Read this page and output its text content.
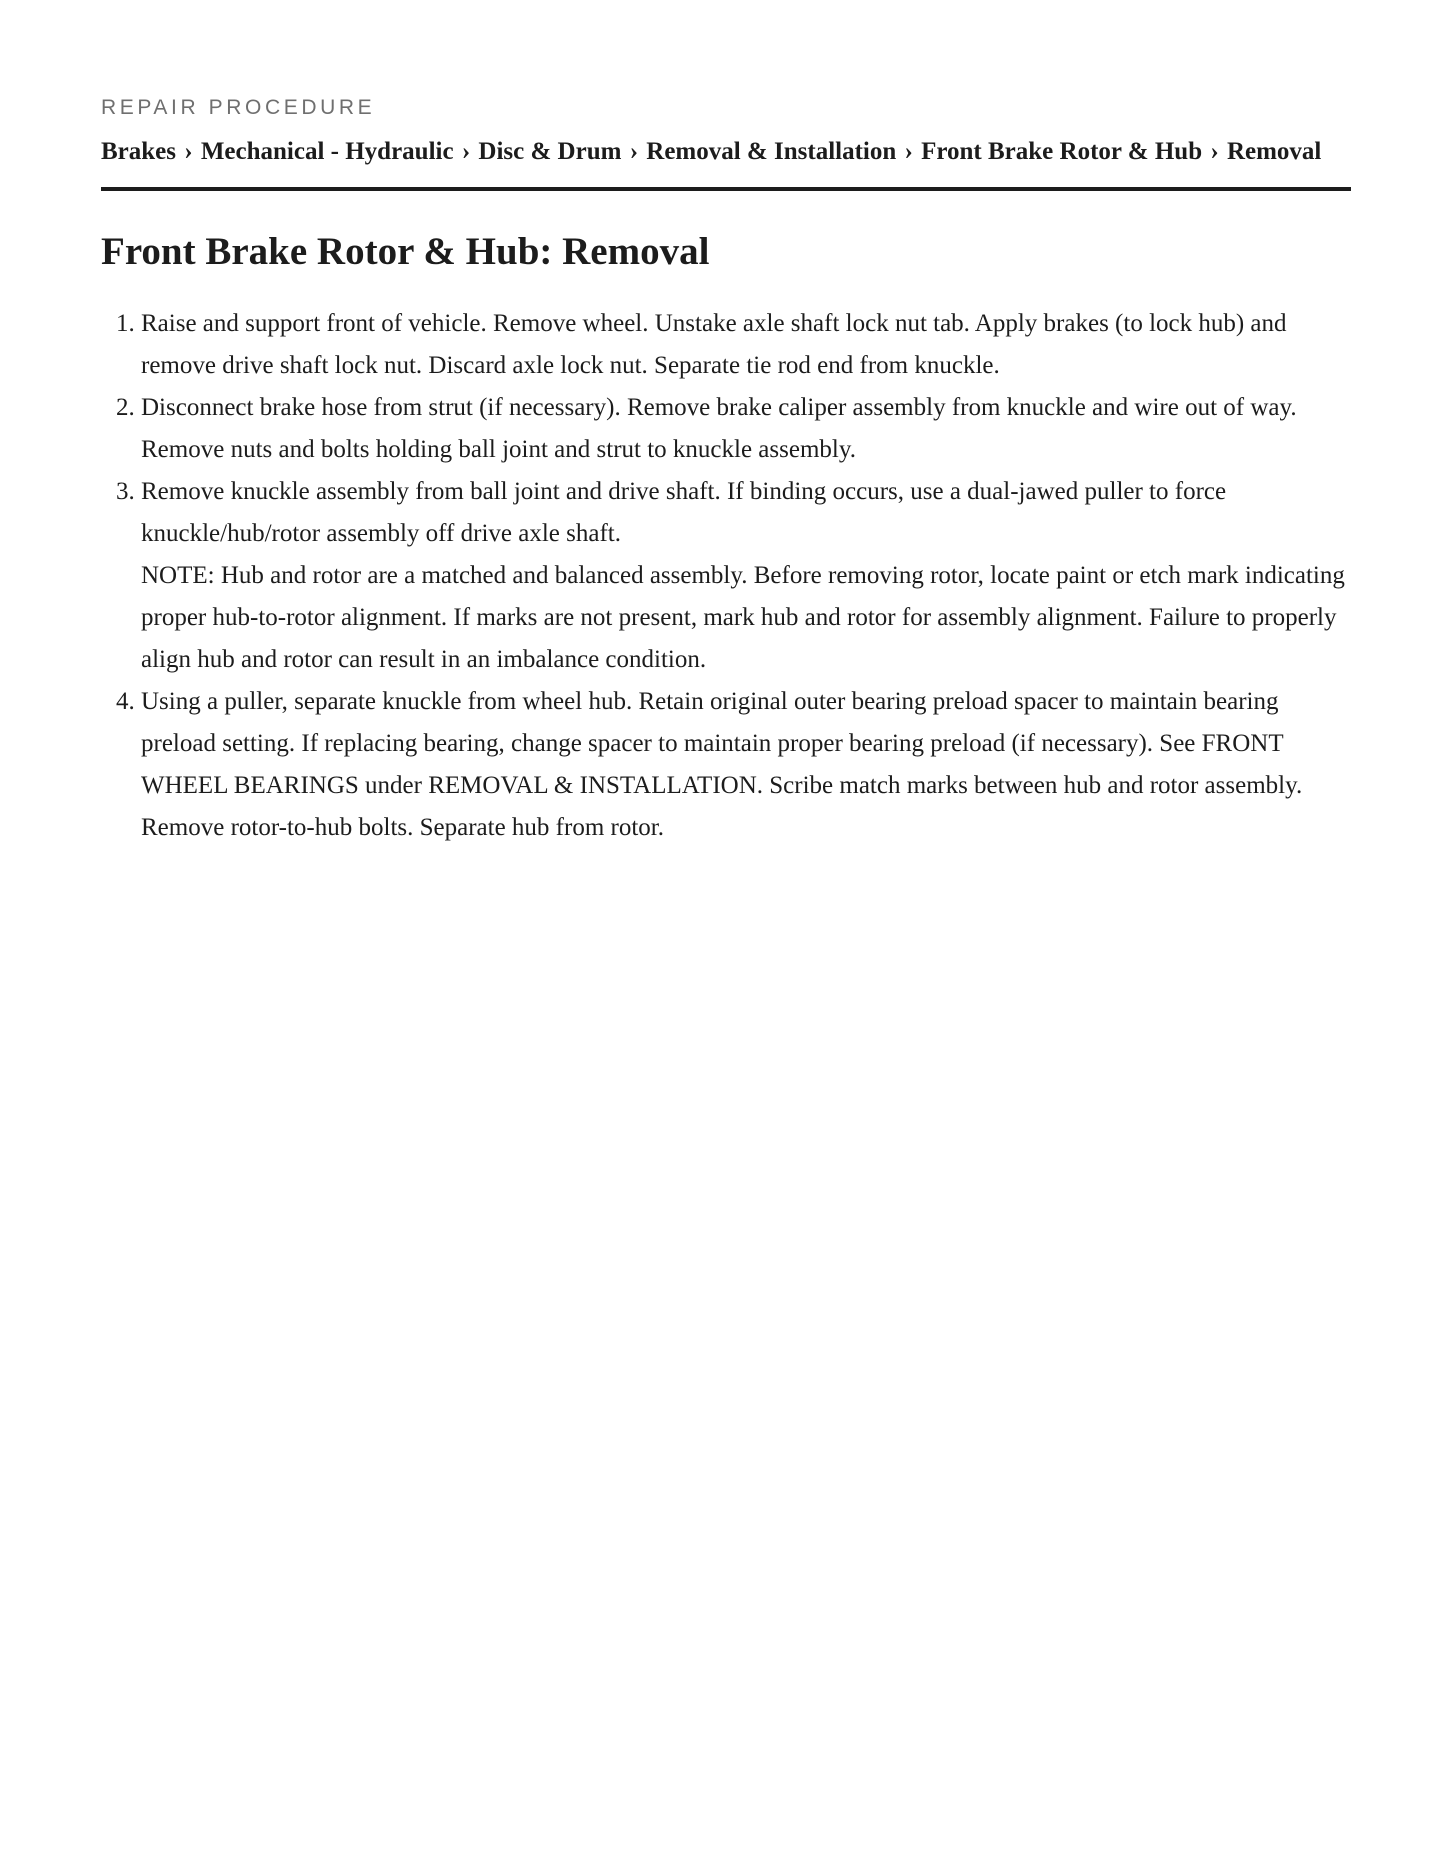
REPAIR PROCEDURE

Brakes › Mechanical - Hydraulic › Disc & Drum › Removal & Installation › Front Brake Rotor & Hub › Removal
Front Brake Rotor & Hub: Removal
1. Raise and support front of vehicle. Remove wheel. Unstake axle shaft lock nut tab. Apply brakes (to lock hub) and remove drive shaft lock nut. Discard axle lock nut. Separate tie rod end from knuckle.
2. Disconnect brake hose from strut (if necessary). Remove brake caliper assembly from knuckle and wire out of way. Remove nuts and bolts holding ball joint and strut to knuckle assembly.
3. Remove knuckle assembly from ball joint and drive shaft. If binding occurs, use a dual-jawed puller to force knuckle/hub/rotor assembly off drive axle shaft.
NOTE: Hub and rotor are a matched and balanced assembly. Before removing rotor, locate paint or etch mark indicating proper hub-to-rotor alignment. If marks are not present, mark hub and rotor for assembly alignment. Failure to properly align hub and rotor can result in an imbalance condition.
4. Using a puller, separate knuckle from wheel hub. Retain original outer bearing preload spacer to maintain bearing preload setting. If replacing bearing, change spacer to maintain proper bearing preload (if necessary). See FRONT WHEEL BEARINGS under REMOVAL & INSTALLATION. Scribe match marks between hub and rotor assembly. Remove rotor-to-hub bolts. Separate hub from rotor.
